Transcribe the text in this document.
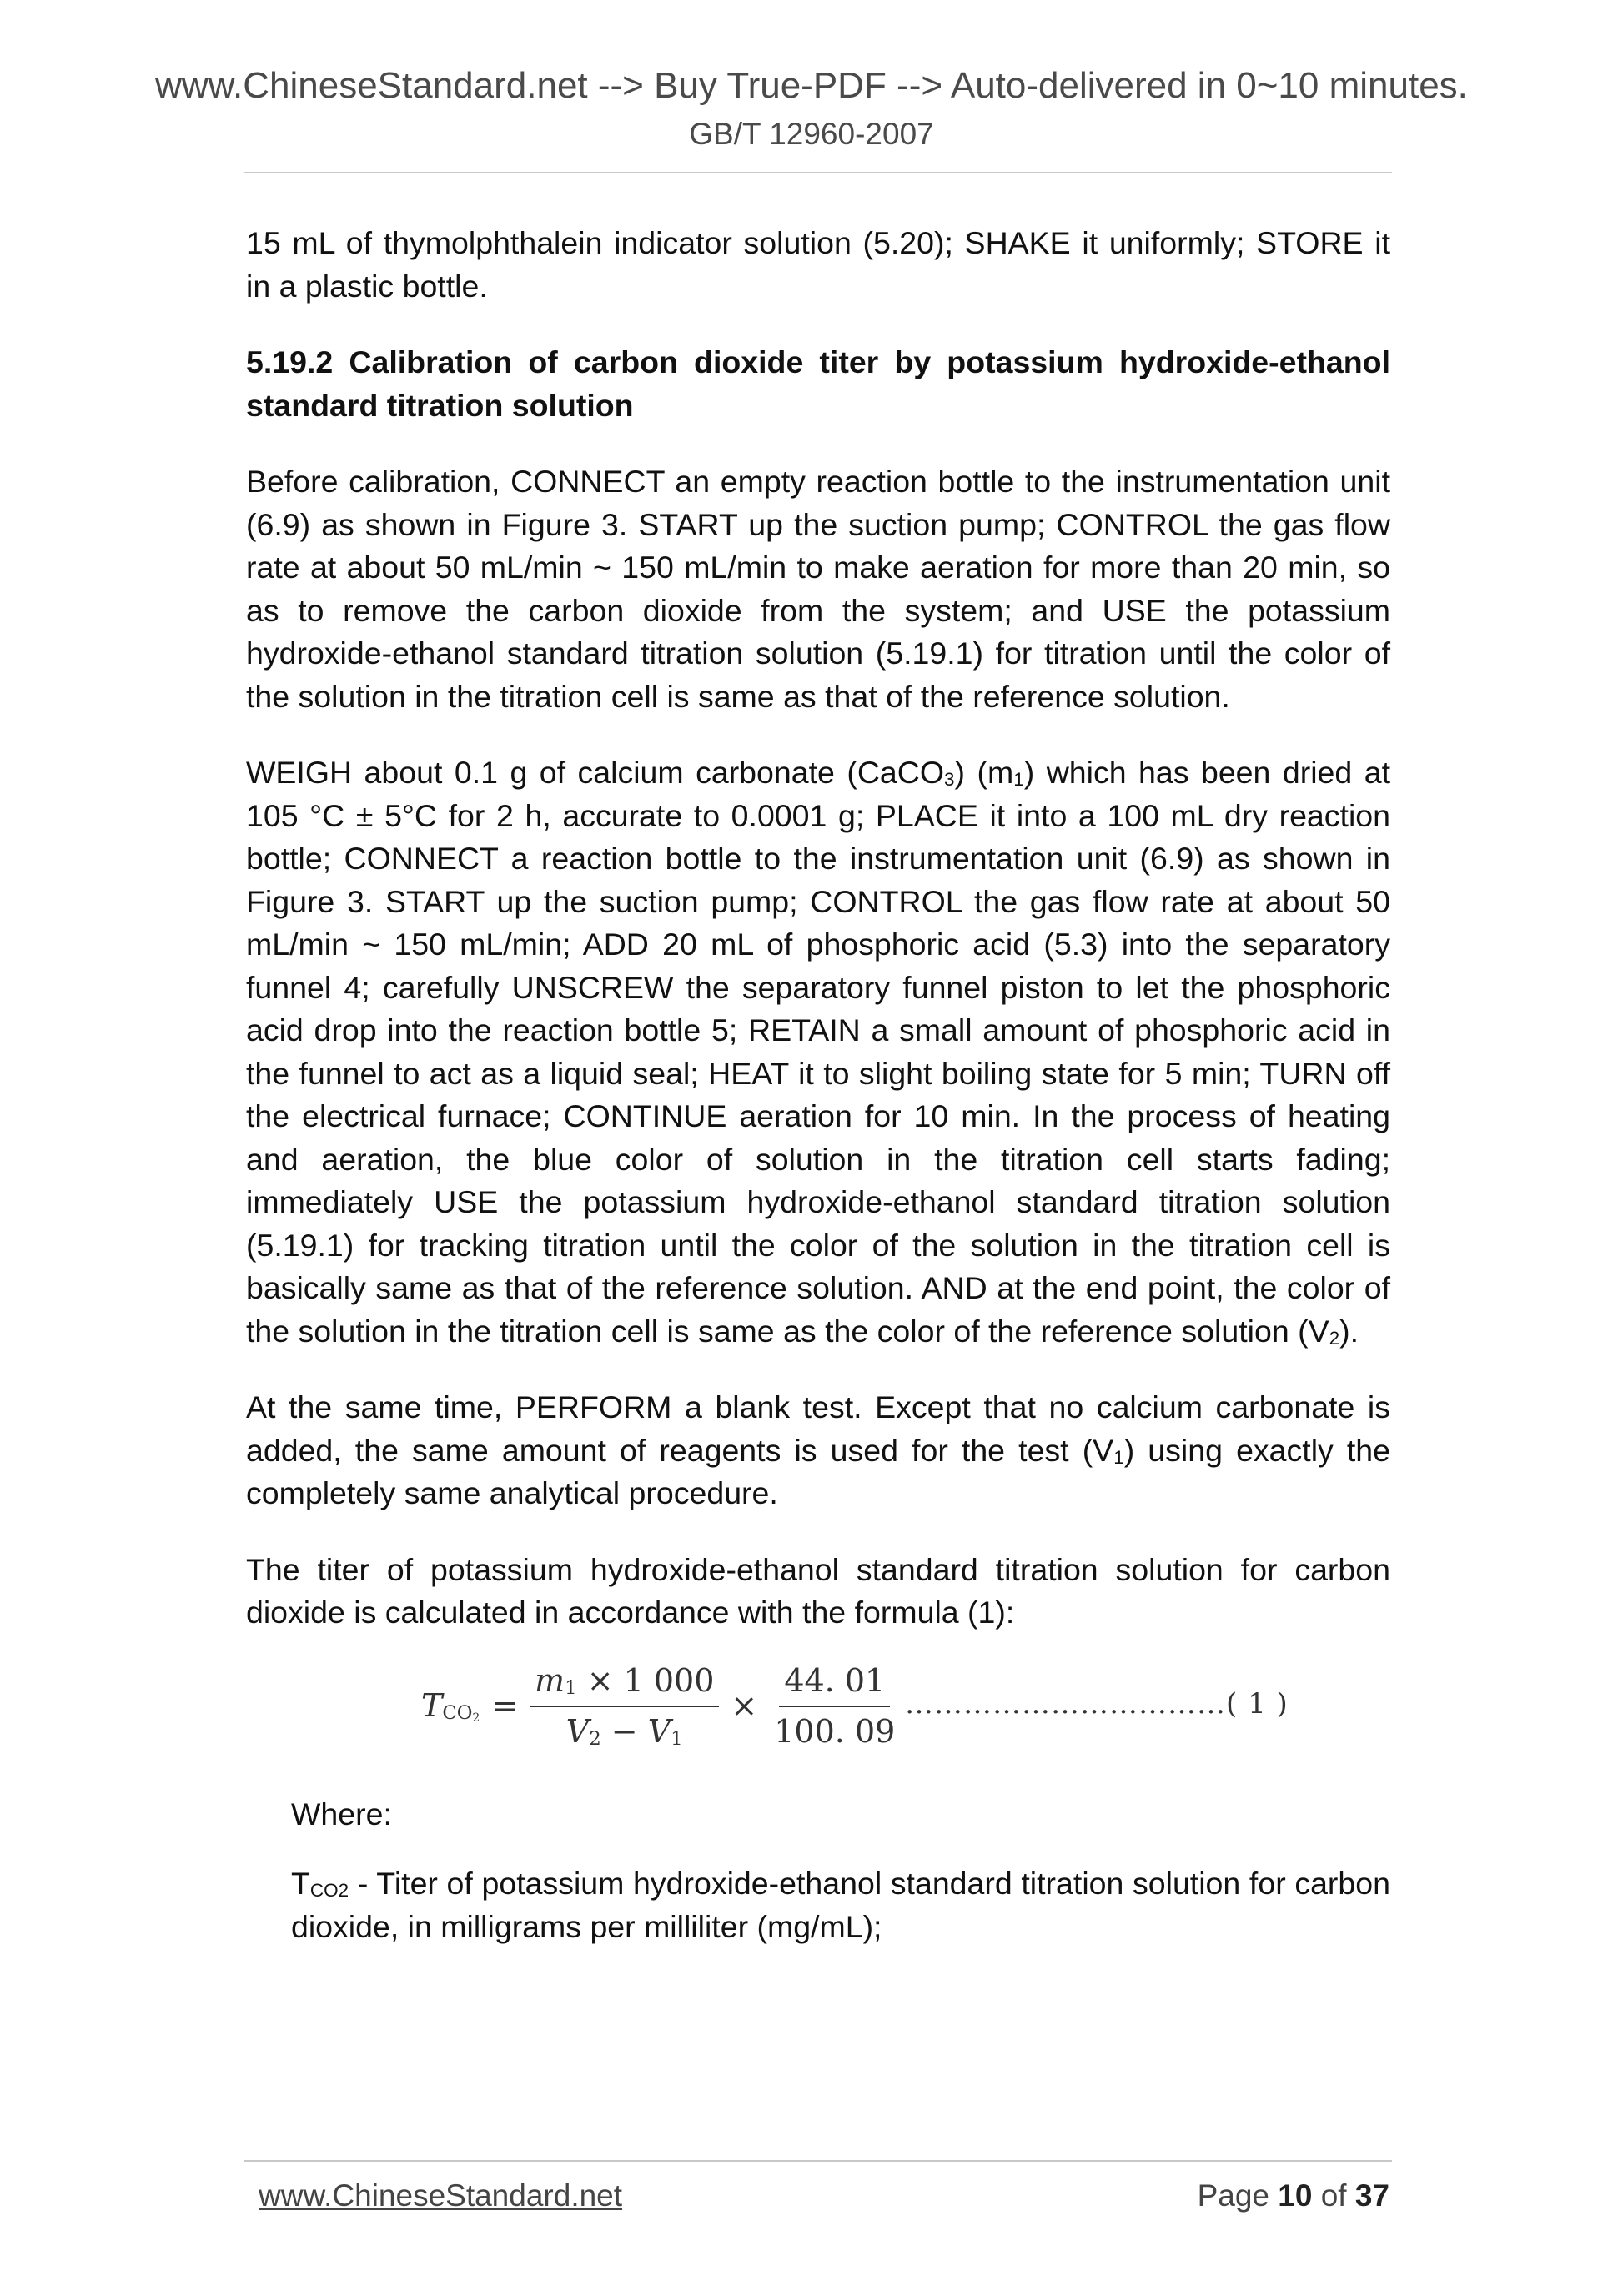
www.ChineseStandard.net --> Buy True-PDF --> Auto-delivered in 0~10 minutes.
GB/T 12960-2007

15 mL of thymolphthalein indicator solution (5.20); SHAKE it uniformly; STORE it in a plastic bottle.

5.19.2 Calibration of carbon dioxide titer by potassium hydroxide-ethanol standard titration solution

Before calibration, CONNECT an empty reaction bottle to the instrumentation unit (6.9) as shown in Figure 3. START up the suction pump; CONTROL the gas flow rate at about 50 mL/min ~ 150 mL/min to make aeration for more than 20 min, so as to remove the carbon dioxide from the system; and USE the potassium hydroxide-ethanol standard titration solution (5.19.1) for titration until the color of the solution in the titration cell is same as that of the reference solution.

WEIGH about 0.1 g of calcium carbonate (CaCO$_3$) $(m_1)$ which has been dried at 105 °C ± 5°C for 2 h, accurate to 0.0001 g; PLACE it into a 100 mL dry reaction bottle; CONNECT a reaction bottle to the instrumentation unit (6.9) as shown in Figure 3. START up the suction pump; CONTROL the gas flow rate at about 50 mL/min ~ 150 mL/min; ADD 20 mL of phosphoric acid (5.3) into the separatory funnel 4; carefully UNSCREW the separatory funnel piston to let the phosphoric acid drop into the reaction bottle 5; RETAIN a small amount of phosphoric acid in the funnel to act as a liquid seal; HEAT it to slight boiling state for 5 min; TURN off the electrical furnace; CONTINUE aeration for 10 min. In the process of heating and aeration, the blue color of solution in the titration cell starts fading; immediately USE the potassium hydroxide-ethanol standard titration solution (5.19.1) for tracking titration until the color of the solution in the titration cell is basically same as that of the reference solution. AND at the end point, the color of the solution in the titration cell is same as the color of the reference solution $(V_2)$.

At the same time, PERFORM a blank test. Except that no calcium carbonate is added, the same amount of reagents is used for the test $(V_1)$ using exactly the completely same analytical procedure.

The titer of potassium hydroxide-ethanol standard titration solution for carbon dioxide is calculated in accordance with the formula (1):

$T_{CO_2} = \frac{m_1 \times 1 000}{V_2 - V_1} \times \frac{44. 01}{100. 09}$ ……………………………( 1 )

Where:

$T_{CO2}$ - Titer of potassium hydroxide-ethanol standard titration solution for carbon dioxide, in milligrams per milliliter (mg/mL);

www.ChineseStandard.net	Page 10 of 37
